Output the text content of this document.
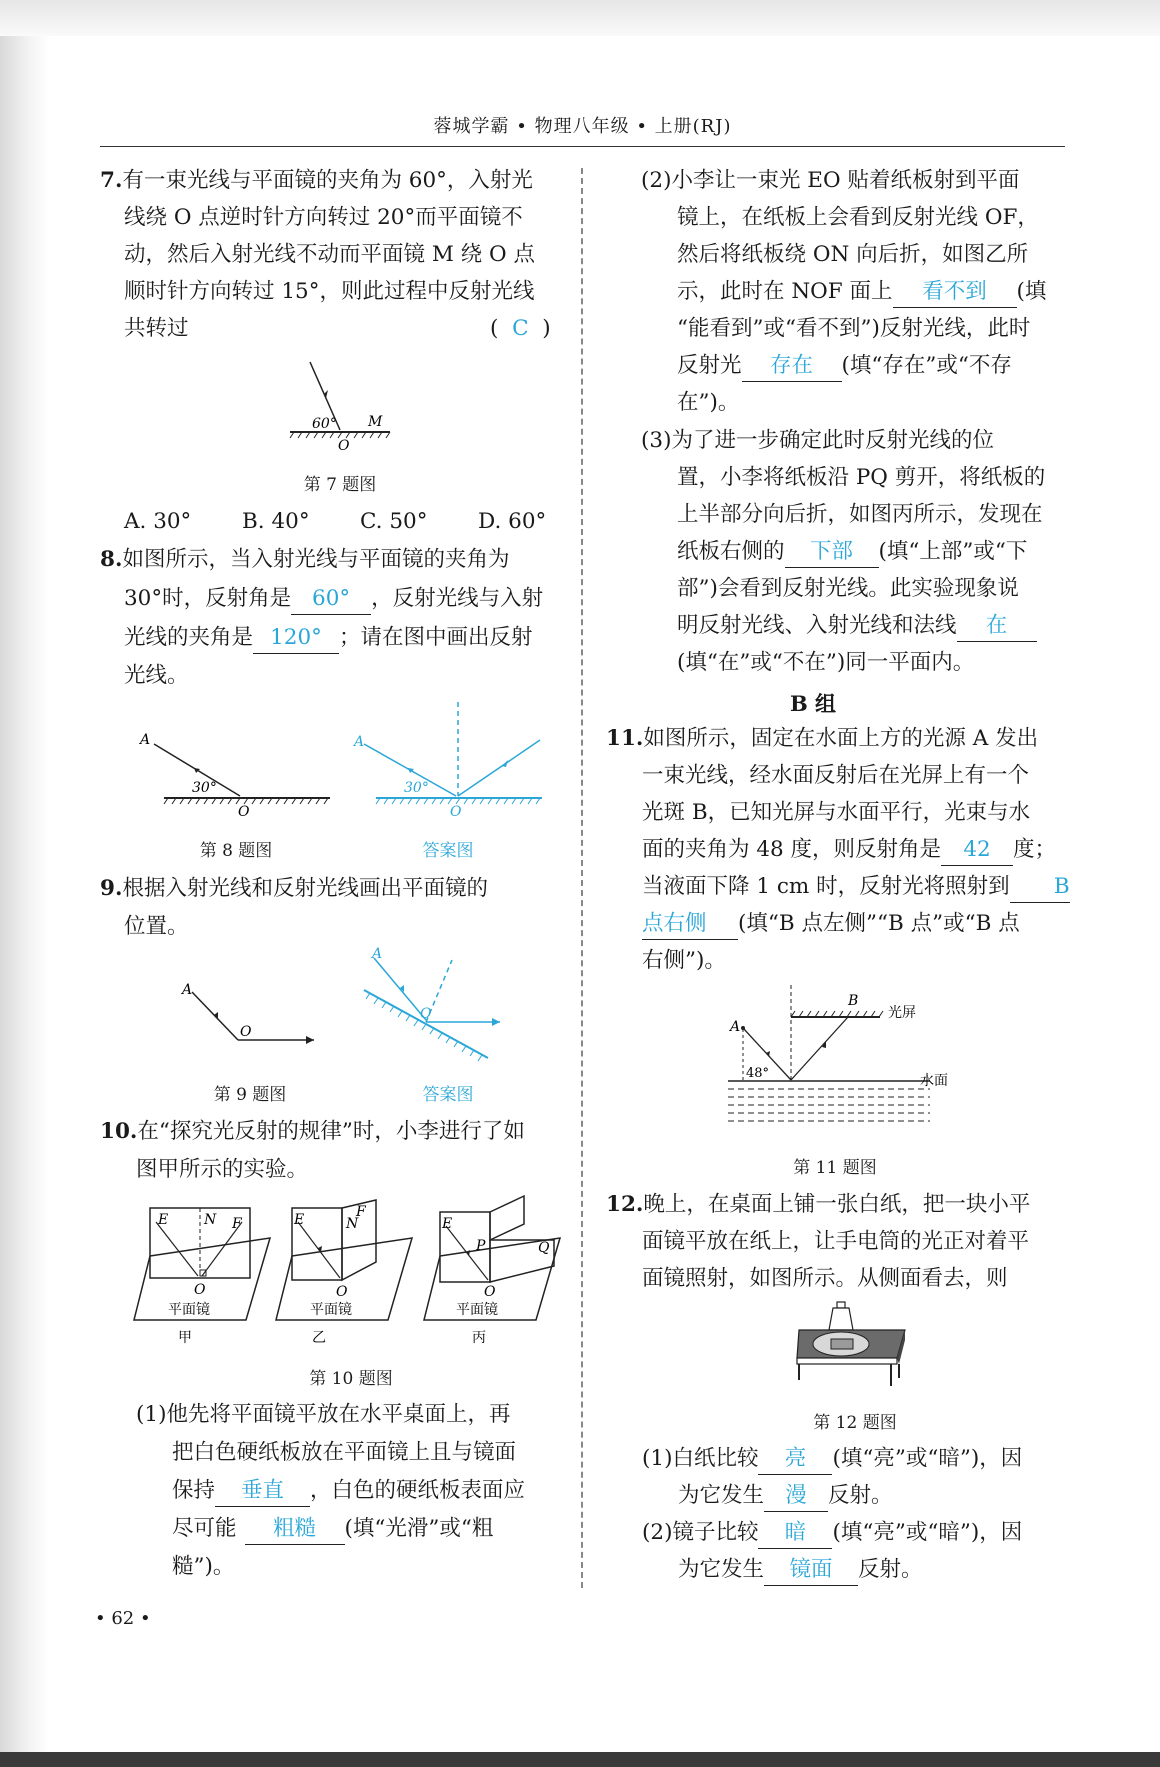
蓉城学霸 • 物理八年级 • 上册(RJ)
7.有一束光线与平面镜的夹角为 60°，入射光
线绕 O 点逆时针方向转过 20°而平面镜不
动，然后入射光线不动而平面镜 M 绕 O 点
顺时针方向转过 15°，则此过程中反射光线
共转过	( C )
60° M
O
第 7 题图
A. 30° B. 40° C. 50° D. 60°
8.如图所示，当入射光线与平面镜的夹角为
30°时，反射角是 60° ，反射光线与入射
光线的夹角是 120° ；请在图中画出反射
光线。
A
30°
O
第 8 题图
A
30°
O
答案图
9.根据入射光线和反射光线画出平面镜的
位置。
A
O
第 9 题图
A
O
答案图
10.在“探究光反射的规律”时，小李进行了如
图甲所示的实验。
E	N F
O
平面镜
甲
E	N
F
O
平面镜
乙
E
P	Q
O
平面镜
丙
第 10 题图
(1)他先将平面镜平放在水平桌面上，再
把白色硬纸板放在平面镜上且与镜面
保持 垂直 ，白色的硬纸板表面应
尽可能 粗糙 (填“光滑”或“粗
糙”)。
(2)小李让一束光 EO 贴着纸板射到平面
镜上，在纸板上会看到反射光线 OF，
然后将纸板绕 ON 向后折，如图乙所
示，此时在 NOF 面上 看不到 (填
“能看到”或“看不到”)反射光线，此时
反射光 存在 (填“存在”或“不存
在”)。
(3)为了进一步确定此时反射光线的位
置，小李将纸板沿 PQ 剪开，将纸板的
上半部分向后折，如图丙所示，发现在
纸板右侧的 下部 (填“上部”或“下
部”)会看到反射光线。此实验现象说
明反射光线、入射光线和法线 在
(填“在”或“不在”)同一平面内。
B 组
11.如图所示，固定在水面上方的光源 A 发出
一束光线，经水面反射后在光屏上有一个
光斑 B，已知光屏与水面平行，光束与水
面的夹角为 48 度，则反射角是 42 度；
当液面下降 1 cm 时，反射光将照射到 B
点右侧 (填“B 点左侧”“B 点”或“B 点
右侧”)。
A
B
48°
光屏
水面
第 11 题图
12.晚上，在桌面上铺一张白纸，把一块小平
面镜平放在纸上，让手电筒的光正对着平
面镜照射，如图所示。从侧面看去，则
第 12 题图
(1)白纸比较 亮 (填“亮”或“暗”)，因
为它发生 漫 反射。
(2)镜子比较 暗 (填“亮”或“暗”)，因
为它发生 镜面 反射。
• 62 •
